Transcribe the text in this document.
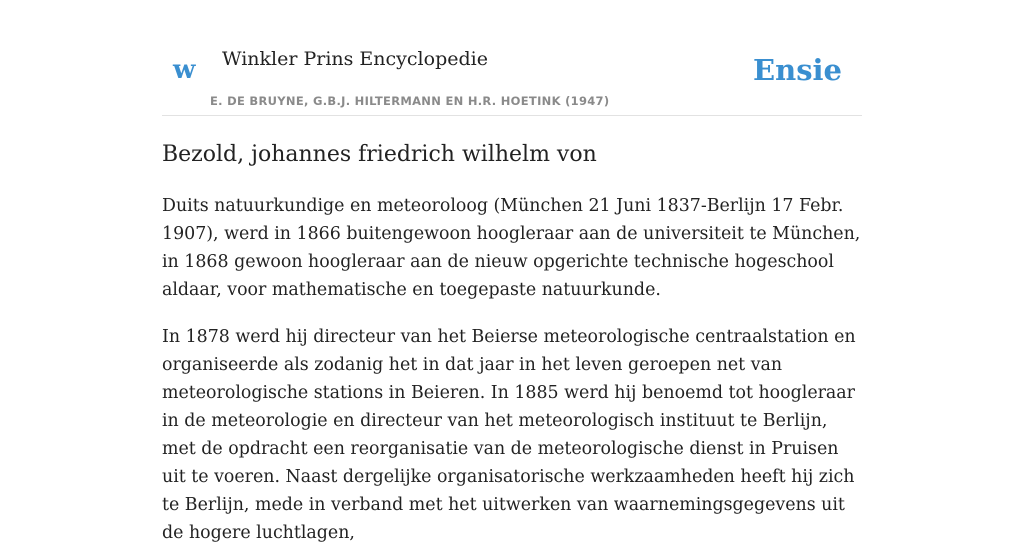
w Winkler Prins Encyclopedie
E. DE BRUYNE, G.B.J. HILTERMANN EN H.R. HOETINK (1947)
Ensie
Bezold, johannes friedrich wilhelm von

Duits natuurkundige en meteoroloog (München 21 Juni 1837-Berlijn 17 Febr. 1907), werd in 1866 buitengewoon hoogleraar aan de universiteit te München, in 1868 gewoon hoogleraar aan de nieuw opgerichte technische hogeschool aldaar, voor mathematische en toegepaste natuurkunde.

In 1878 werd hij directeur van het Beierse meteorologische centraalstation en organiseerde als zodanig het in dat jaar in het leven geroepen net van meteorologische stations in Beieren. In 1885 werd hij benoemd tot hoogleraar in de meteorologie en directeur van het meteorologisch instituut te Berlijn, met de opdracht een reorganisatie van de meteorologische dienst in Pruisen uit te voeren. Naast dergelijke organisatorische werkzaamheden heeft hij zich te Berlijn, mede in verband met het uitwerken van waarnemingsgegevens uit de hogere luchtlagen,
